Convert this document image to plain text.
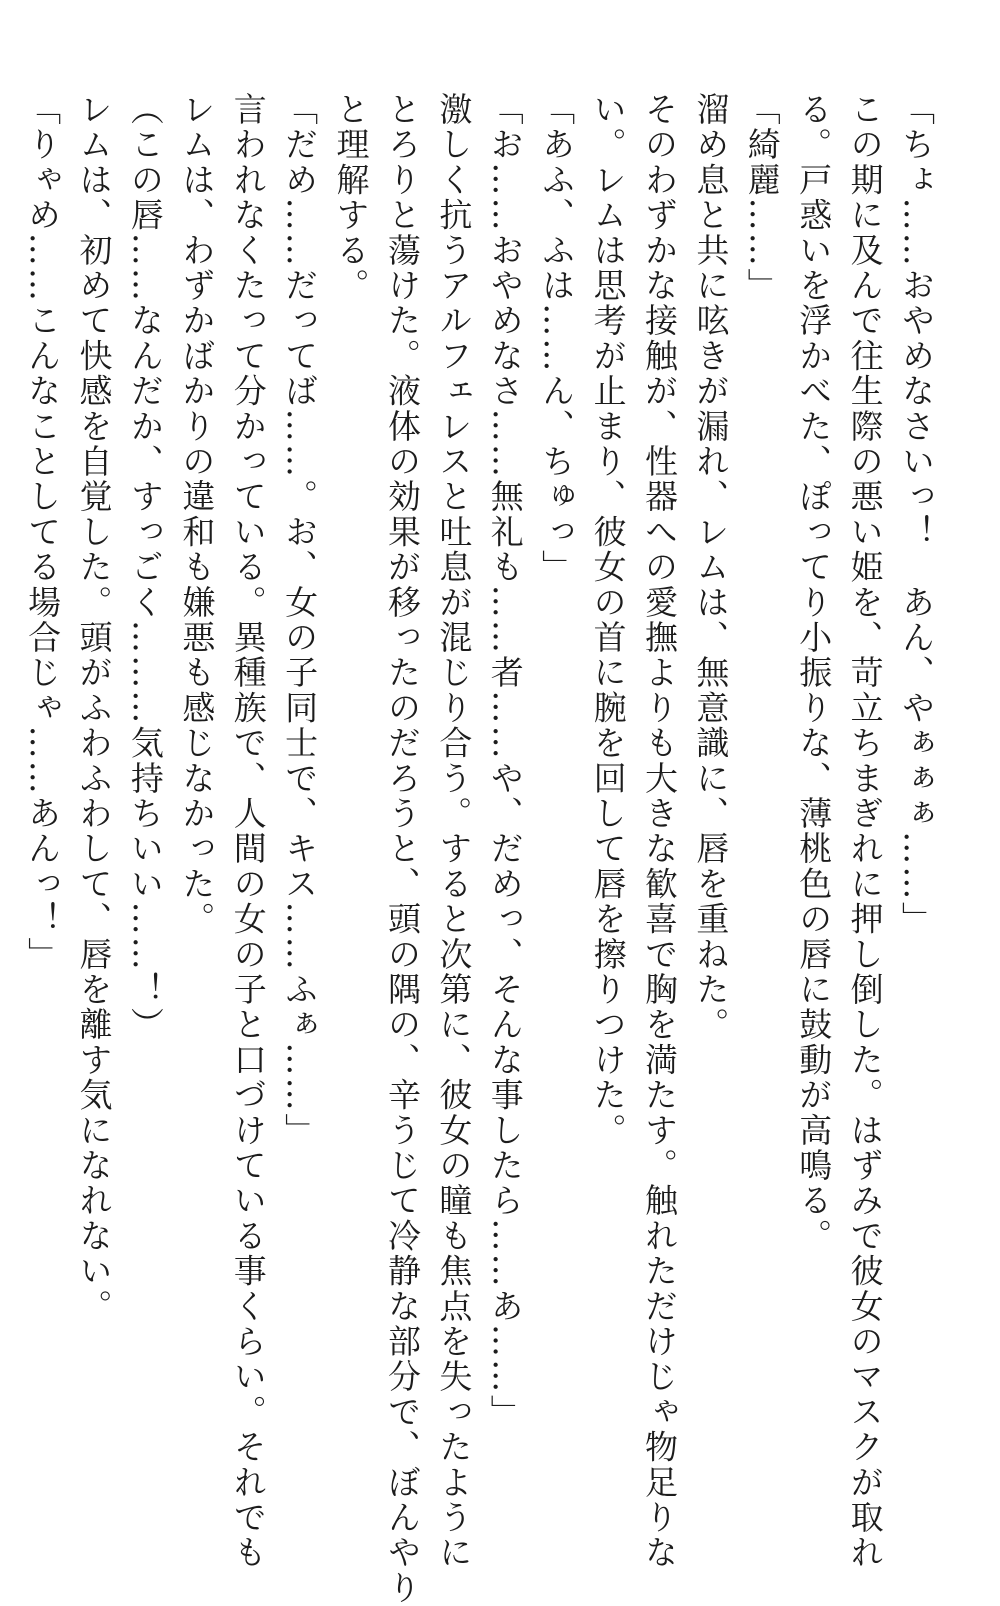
「ちょ……おやめなさいっ！　あん、やぁぁぁ……」
この期に及んで往生際の悪い姫を、苛立ちまぎれに押し倒した。はずみで彼女のマスクが取れ
る。戸惑いを浮かべた、ぽってり小振りな、薄桃色の唇に鼓動が高鳴る。
「綺麗……」
溜め息と共に呟きが漏れ、レムは、無意識に、唇を重ねた。
そのわずかな接触が、性器への愛撫よりも大きな歓喜で胸を満たす。触れただけじゃ物足りな
い。レムは思考が止まり、彼女の首に腕を回して唇を擦りつけた。
「あふ、ふは……ん、ちゅっ」
「お……おやめなさ……無礼も……者……や、だめっ、そんな事したら……あ……」
激しく抗うアルフェレスと吐息が混じり合う。すると次第に、彼女の瞳も焦点を失ったように
とろりと蕩けた。液体の効果が移ったのだろうと、頭の隅の、辛うじて冷静な部分で、ぼんやり
と理解する。
「だめ……だってば……。お、女の子同士で、キス……ふぁ……」
言われなくたって分かっている。異種族で、人間の女の子と口づけている事くらい。それでも
レムは、わずかばかりの違和も嫌悪も感じなかった。
（この唇……なんだか、すっごく………気持ちいい……！）
レムは、初めて快感を自覚した。頭がふわふわして、唇を離す気になれない。
「りゃめ……こんなことしてる場合じゃ……あんっ！」
